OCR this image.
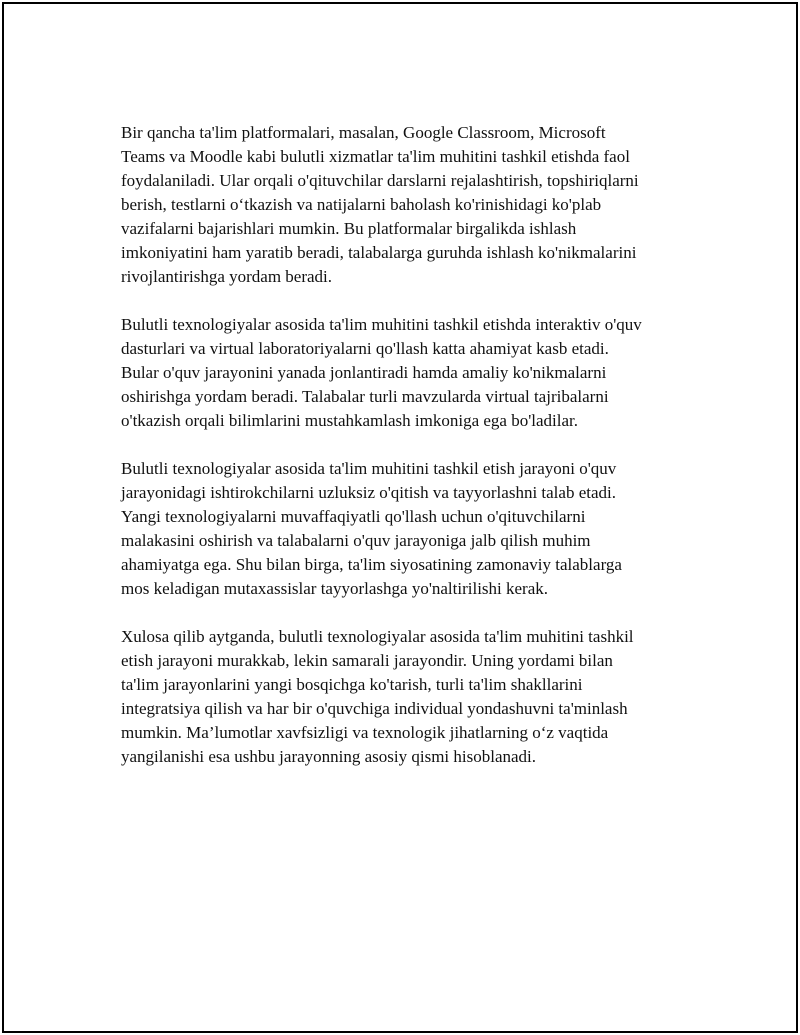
Bir qancha ta'lim platformalari, masalan, Google Classroom, Microsoft
Teams va Moodle kabi bulutli xizmatlar ta'lim muhitini tashkil etishda faol
foydalaniladi. Ular orqali o'qituvchilar darslarni rejalashtirish, topshiriqlarni
berish, testlarni o‘tkazish va natijalarni baholash ko'rinishidagi ko'plab
vazifalarni bajarishlari mumkin. Bu platformalar birgalikda ishlash
imkoniyatini ham yaratib beradi, talabalarga guruhda ishlash ko'nikmalarini
rivojlantirishga yordam beradi.

Bulutli texnologiyalar asosida ta'lim muhitini tashkil etishda interaktiv o'quv
dasturlari va virtual laboratoriyalarni qo'llash katta ahamiyat kasb etadi.
Bular o'quv jarayonini yanada jonlantiradi hamda amaliy ko'nikmalarni
oshirishga yordam beradi. Talabalar turli mavzularda virtual tajribalarni
o'tkazish orqali bilimlarini mustahkamlash imkoniga ega bo'ladilar.

Bulutli texnologiyalar asosida ta'lim muhitini tashkil etish jarayoni o'quv
jarayonidagi ishtirokchilarni uzluksiz o'qitish va tayyorlashni talab etadi.
Yangi texnologiyalarni muvaffaqiyatli qo'llash uchun o'qituvchilarni
malakasini oshirish va talabalarni o'quv jarayoniga jalb qilish muhim
ahamiyatga ega. Shu bilan birga, ta'lim siyosatining zamonaviy talablarga
mos keladigan mutaxassislar tayyorlashga yo'naltirilishi kerak.

Xulosa qilib aytganda, bulutli texnologiyalar asosida ta'lim muhitini tashkil
etish jarayoni murakkab, lekin samarali jarayondir. Uning yordami bilan
ta'lim jarayonlarini yangi bosqichga ko'tarish, turli ta'lim shakllarini
integratsiya qilish va har bir o'quvchiga individual yondashuvni ta'minlash
mumkin. Ma’lumotlar xavfsizligi va texnologik jihatlarning o‘z vaqtida
yangilanishi esa ushbu jarayonning asosiy qismi hisoblanadi.
